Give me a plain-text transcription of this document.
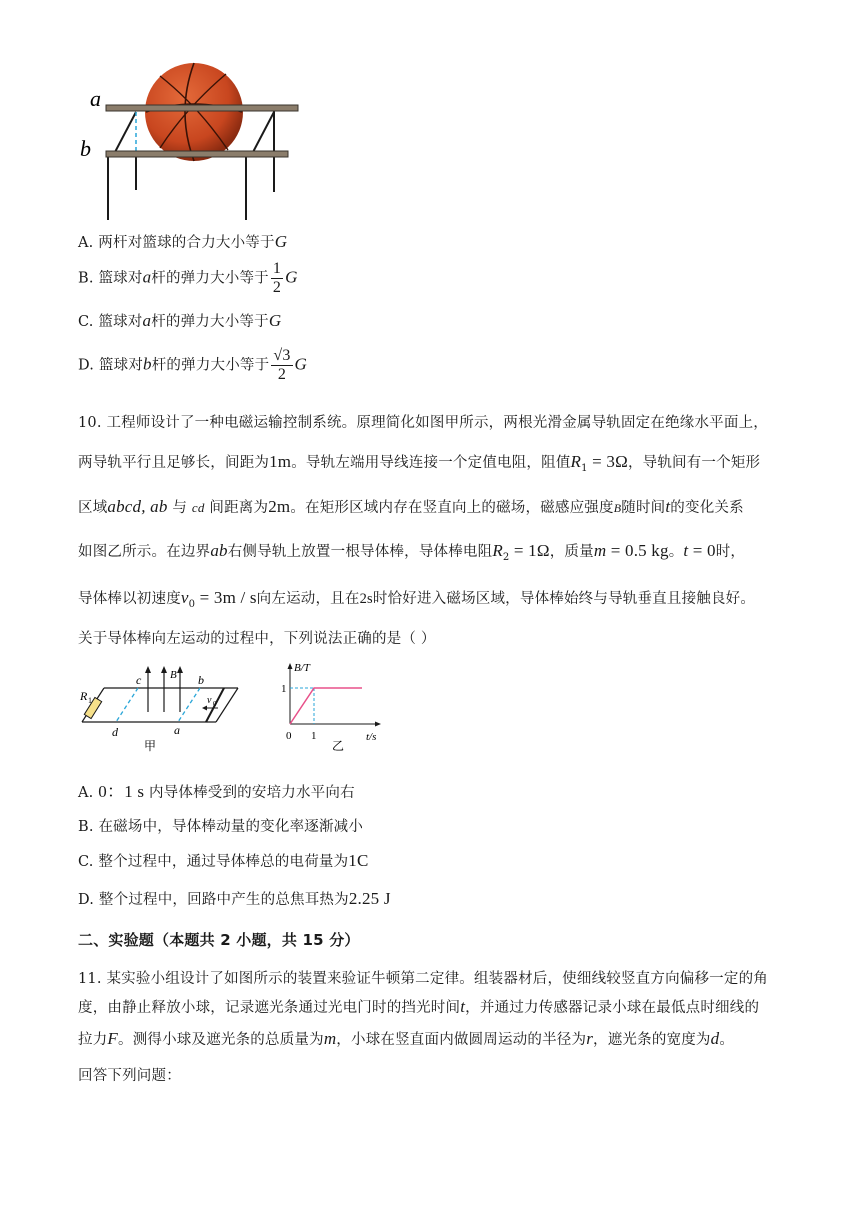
a
b
A. 两杆对篮球的合力大小等于G
B. 篮球对a杆的弹力大小等于 $\frac{1}{2}$ G
C. 篮球对a杆的弹力大小等于G
D. 篮球对b杆的弹力大小等于 $\frac{√3}{2}$ G
10. 工程师设计了一种电磁运输控制系统。原理简化如图甲所示，两根光滑金属导轨固定在绝缘水平面上，
两导轨平行且足够长，间距为1m。导轨左端用导线连接一个定值电阻，阻值$R_1 = 3\Omega$，导轨间有一个矩形
区域abcd, ab 与 cd 间距离为2m。在矩形区域内存在竖直向上的磁场，磁感应强度B随时间t的变化关系
如图乙所示。在边界ab右侧导轨上放置一根导体棒，导体棒电阻$R_2 = 1\Omega$，质量m = 0.5 kg。t = 0时，
导体棒以初速度$v_0 = 3m / s$向左运动，且在2s时恰好进入磁场区域，导体棒始终与导轨垂直且接触良好。
关于导体棒向左运动的过程中，下列说法正确的是（ ）
R 1
c	B b
v 0
d	a
甲
B/T
1
0 1	t/s
乙
A. 0：1 s 内导体棒受到的安培力水平向右
B. 在磁场中，导体棒动量的变化率逐渐减小
C. 整个过程中，通过导体棒总的电荷量为1C
D. 整个过程中，回路中产生的总焦耳热为2.25 J
二、实验题（本题共 2 小题，共 15 分）
11. 某实验小组设计了如图所示的装置来验证牛顿第二定律。组装器材后，使细线较竖直方向偏移一定的角
度，由静止释放小球，记录遮光条通过光电门时的挡光时间t，并通过力传感器记录小球在最低点时细线的
拉力F。测得小球及遮光条的总质量为m，小球在竖直面内做圆周运动的半径为r，遮光条的宽度为d。
回答下列问题：
